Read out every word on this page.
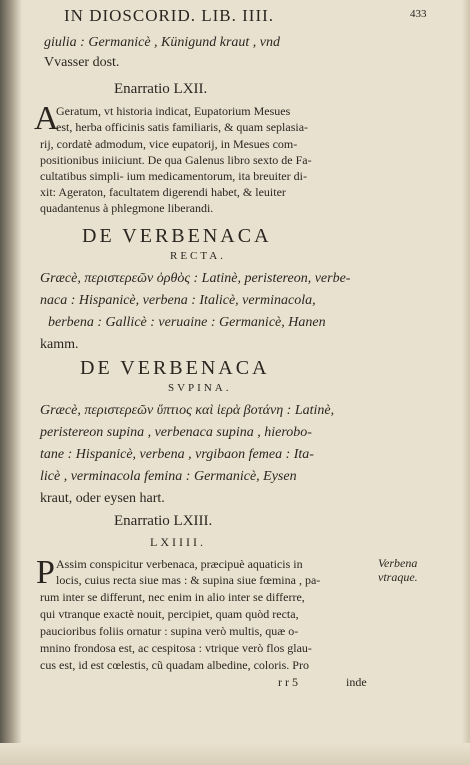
IN DIOSCORID. LIB. IIII.	433
giulia : Germanicè , Künigund kraut , vnd
Vvasser dost.
Enarratio LXII.
A
Geratum, vt historia indicat, Eupatorium Mesues
est, herba officinis satis familiaris, & quam seplasia-
rij, cordatè admodum, vice eupatorij, in Mesues com-
positionibus iniiciunt. De qua Galenus libro sexto de Fa-
cultatibus simpli- ium medicamentorum, ita breuiter di-
xit: Ageraton, facultatem digerendi habet, & leuiter
quadantenus à phlegmone liberandi.
DE VERBENACA
RECTA.
Græcè, περιστερεῶν ὀρθὸς : Latinè, peristereon, verbe-
naca : Hispanicè, verbena : Italicè, verminacola,
berbena : Gallicè : veruaine : Germanicè, Hanen
kamm.
DE VERBENACA
SVPINA.
Græcè, περιστερεῶν ὕπτιος καὶ ἱερὰ βοτάνη : Latinè,
peristereon supina , verbenaca supina , hierobo-
tane : Hispanicè, verbena , vrgibaon femea : Ita-
licè , verminacola femina : Germanicè, Eysen
kraut, oder eysen hart.
Enarratio LXIII.
LXIIII.
P Assim conspicitur verbenaca, præcipuè aquaticis in
locis, cuius recta siue mas : & supina siue fœmina , pa-
rum inter se differunt, nec enim in alio inter se differre,
qui vtranque exactè nouit, percipiet, quam quòd recta,
paucioribus foliis ornatur : supina verò multis, quæ o-
mnino frondosa est, ac cespitosa : vtrique verò flos glau-
cus est, id est cœlestis, cũ quadam albedine, coloris. Pro
r r 5	inde
Verbena
vtraque.
